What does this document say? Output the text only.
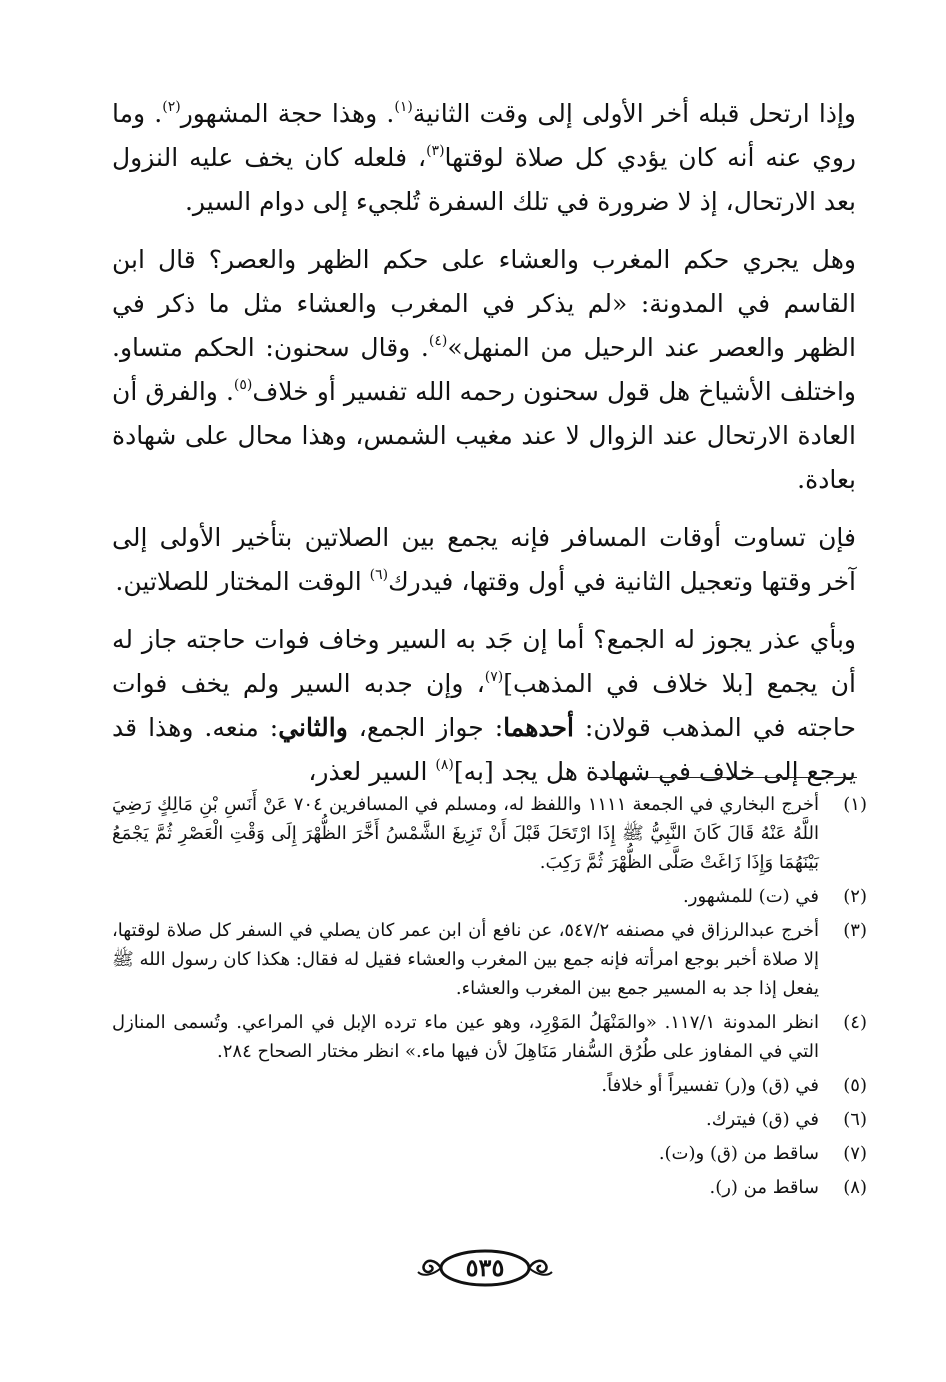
وإذا ارتحل قبله أخر الأولى إلى وقت الثانية$^{(١)}$. وهذا حجة المشهور$^{(٢)}$. وما روي عنه أنه كان يؤدي كل صلاة لوقتها$^{(٣)}$، فلعله كان يخف عليه النزول بعد الارتحال، إذ لا ضرورة في تلك السفرة تُلجيء إلى دوام السير.

وهل يجري حكم المغرب والعشاء على حكم الظهر والعصر؟ قال ابن القاسم في المدونة: «لم يذكر في المغرب والعشاء مثل ما ذكر في الظهر والعصر عند الرحيل من المنهل»$^{(٤)}$. وقال سحنون: الحكم متساو. واختلف الأشياخ هل قول سحنون رحمه الله تفسير أو خلاف$^{(٥)}$. والفرق أن العادة الارتحال عند الزوال لا عند مغيب الشمس، وهذا محال على شهادة بعادة.

فإن تساوت أوقات المسافر فإنه يجمع بين الصلاتين بتأخير الأولى إلى آخر وقتها وتعجيل الثانية في أول وقتها، فيدرك$^{(٦)}$ الوقت المختار للصلاتين.

وبأي عذر يجوز له الجمع؟ أما إن جَد به السير وخاف فوات حاجته جاز له أن يجمع [بلا خلاف في المذهب]$^{(٧)}$، وإن جدبه السير ولم يخف فوات حاجته في المذهب قولان: أحدهما: جواز الجمع، والثاني: منعه. وهذا قد يرجع إلى خلاف في شهادة هل يجد [به]$^{(٨)}$ السير لعذر،

(١)
أخرج البخاري في الجمعة ١١١١ واللفظ له، ومسلم في المسافرين ٧٠٤ عَنْ أَنَسِ بْنِ مَالِكٍ رَضِيَ اللَّهُ عَنْهُ قَالَ كَانَ النَّبِيُّ ﷺ إِذَا ارْتَحَلَ قَبْلَ أَنْ تَزِيغَ الشَّمْسُ أَخَّرَ الظُّهْرَ إِلَى وَقْتِ الْعَصْرِ ثُمَّ يَجْمَعُ بَيْنَهُمَا وَإِذَا زَاغَتْ صَلَّى الظُّهْرَ ثُمَّ رَكِبَ.
(٢)
في (ت) للمشهور.
(٣)
أخرج عبدالرزاق في مصنفه ٥٤٧/٢، عن نافع أن ابن عمر كان يصلي في السفر كل صلاة لوقتها، إلا صلاة أخبر بوجع امرأته فإنه جمع بين المغرب والعشاء فقيل له فقال: هكذا كان رسول الله ﷺ يفعل إذا جد به المسير جمع بين المغرب والعشاء.
(٤)
انظر المدونة ١١٧/١. «والمَنْهَلُ المَوْرِد، وهو عين ماء ترده الإبل في المراعي. وتُسمى المنازل التي في المفاوز على طُرُق السُّفار مَنَاهِلَ لأن فيها ماء.» انظر مختار الصحاح ٢٨٤.
(٥)
في (ق) و(ر) تفسيراً أو خلافاً.
(٦)
في (ق) فيترك.
(٧)
ساقط من (ق) و(ت).
(٨)
ساقط من (ر).
٥٣٥
